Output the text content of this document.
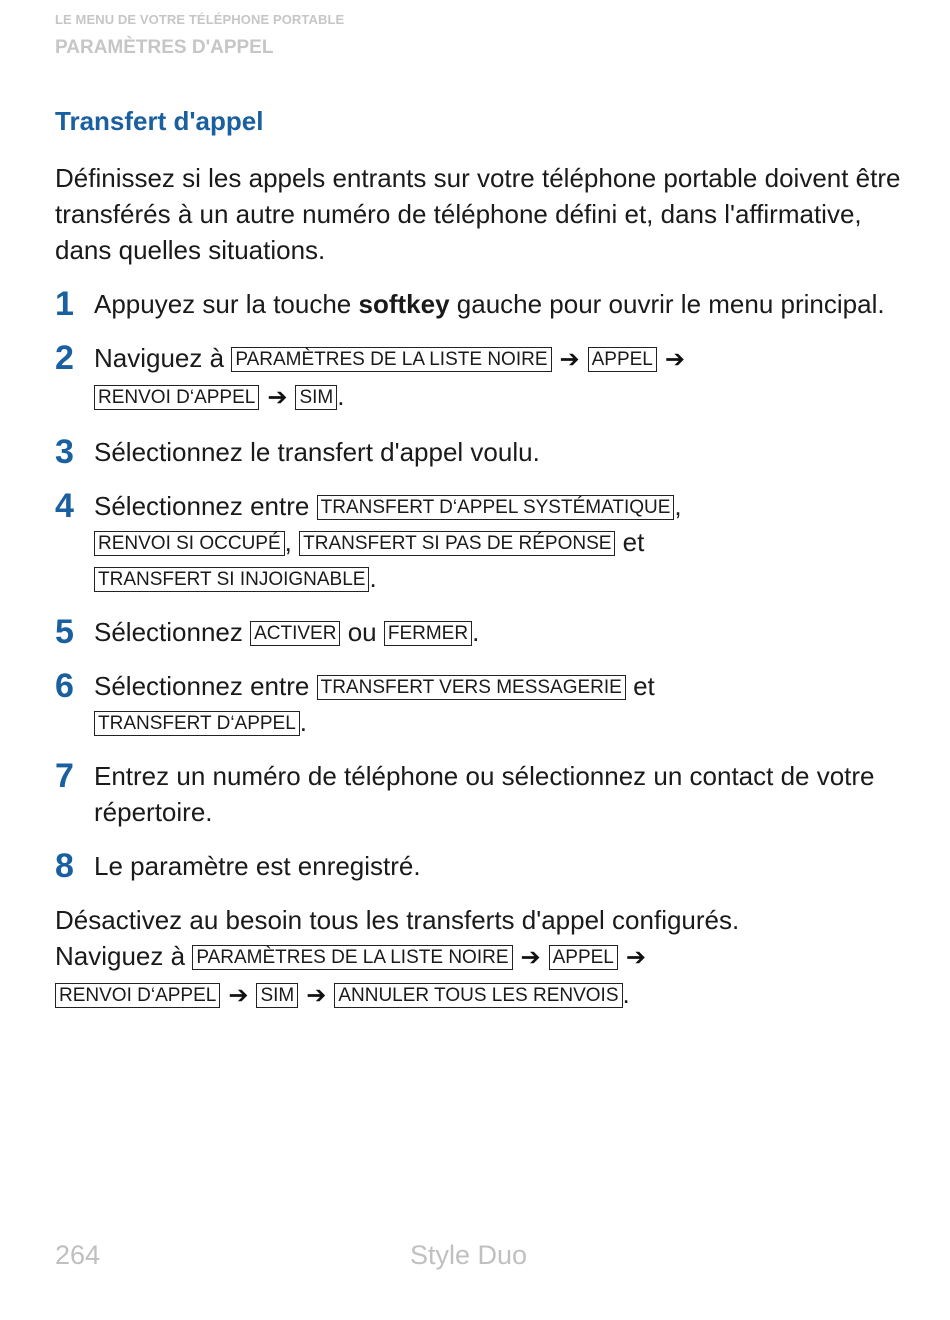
LE MENU DE VOTRE TÉLÉPHONE PORTABLE
PARAMÈTRES D'APPEL
Transfert d'appel

Définissez si les appels entrants sur votre téléphone portable doivent être transférés à un autre numéro de téléphone défini et, dans l'affirmative, dans quelles situations.

1 Appuyez sur la touche softkey gauche pour ouvrir le menu principal.
2 Naviguez à PARAMÈTRES DE LA LISTE NOIRE ➔ APPEL ➔
RENVOI D‘APPEL ➔ SIM .
3 Sélectionnez le transfert d'appel voulu.
4 Sélectionnez entre TRANSFERT D‘APPEL SYSTÉMATIQUE ,
RENVOI SI OCCUPÉ , TRANSFERT SI PAS DE RÉPONSE et
TRANSFERT SI INJOIGNABLE .
5 Sélectionnez ACTIVER ou FERMER .
6 Sélectionnez entre TRANSFERT VERS MESSAGERIE et
TRANSFERT D‘APPEL .
7 Entrez un numéro de téléphone ou sélectionnez un contact de votre répertoire.
8 Le paramètre est enregistré.

Désactivez au besoin tous les transferts d'appel configurés.
Naviguez à PARAMÈTRES DE LA LISTE NOIRE ➔ APPEL ➔
RENVOI D‘APPEL ➔ SIM ➔ ANNULER TOUS LES RENVOIS .

264	Style Duo
